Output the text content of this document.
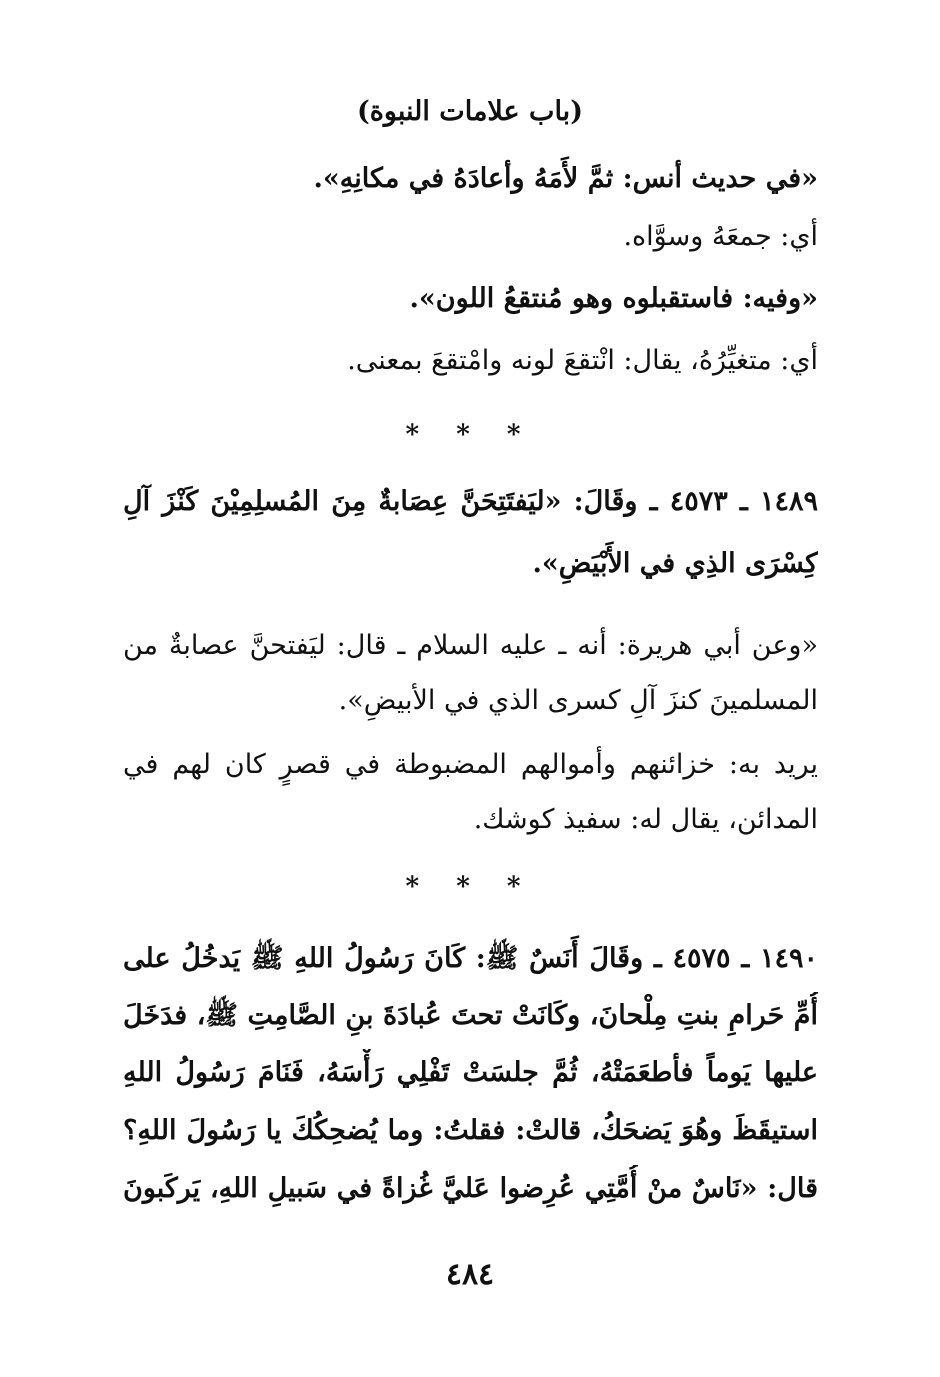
(باب علامات النبوة)
«في حديث أنس: ثمَّ لأَمَهُ وأعادَهُ في مكانِهِ».
أي: جمعَهُ وسوَّاه.
«وفيه: فاستقبلوه وهو مُنتقعُ اللون».
أي: متغيِّرُهُ، يقال: انْتقعَ لونه وامْتقعَ بمعنى.
* * *
١٤٨٩ ـ ٤٥٧٣ ـ وقَالَ: «ليَفتَتِحَنَّ عِصَابةٌ مِنَ المُسلِمِيْنَ كَنْزَ آلِ
كِسْرَى الذِي في الأَبْيَضِ».
«وعن أبي هريرة: أنه ـ عليه السلام ـ قال: ليَفتحنَّ عصابةٌ من
المسلمينَ كنزَ آلِ كسرى الذي في الأبيضِ».
يريد به: خزائنهم وأموالهم المضبوطة في قصرٍ كان لهم في
المدائن، يقال له: سفيذ كوشك.
* * *
١٤٩٠ ـ ٤٥٧٥ ـ وقَالَ أَنَسٌ ﷺ: كَانَ رَسُولُ اللهِ ﷺ يَدخُلُ على
أُمِّ حَرامِ بنتِ مِلْحانَ، وكَانَتْ تحتَ عُبادَةَ بنِ الصَّامِتِ ﷺ، فدَخَلَ
عليها يَوماً فأطعَمَتْهُ، ثُمَّ جلسَتْ تَفْلِي رَأْسَهُ، فَنَامَ رَسُولُ اللهِ
استيقَظَ وهُوَ يَضحَكُ، قالتْ: فقلتُ: وما يُضحِكُكَ يا رَسُولَ اللهِ؟
قال: «نَاسٌ منْ أُمَّتِي عُرِضوا عَليَّ غُزاةً في سَبيلِ اللهِ، يَركَبونَ
٤٨٤
